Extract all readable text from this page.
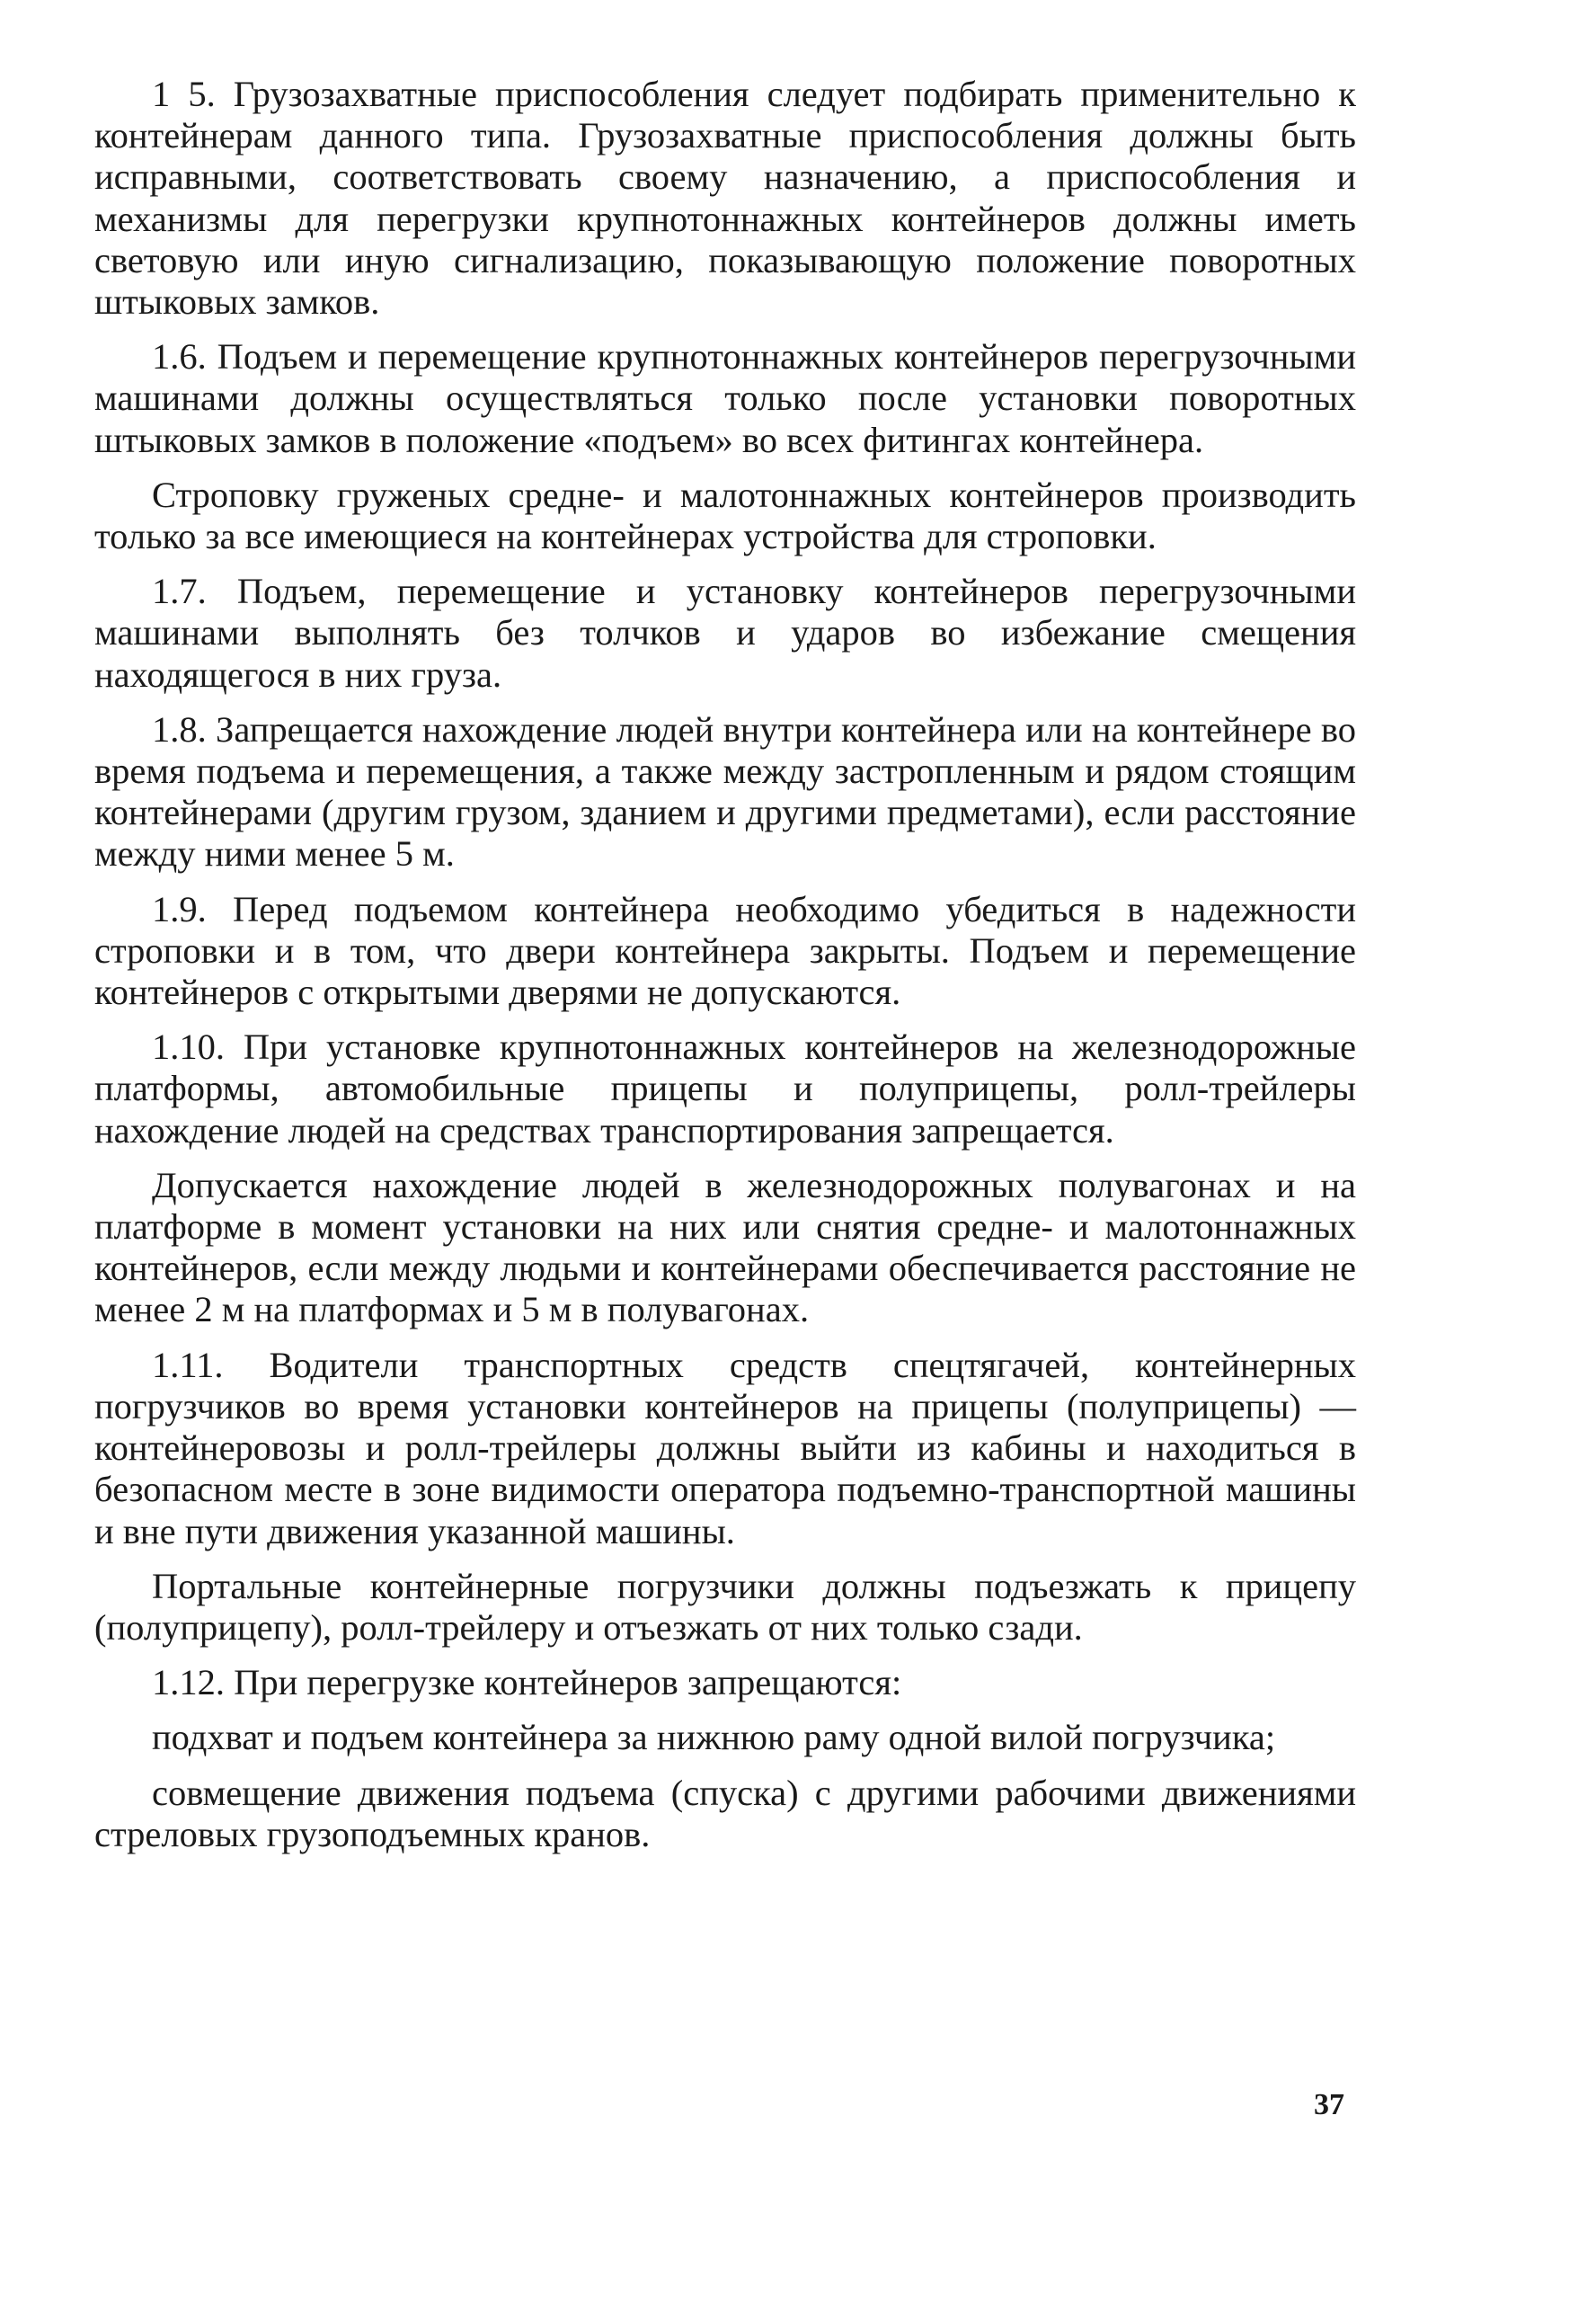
1 5. Грузозахватные приспособления следует подбирать применительно к контейнерам данного типа. Грузозахватные приспособления должны быть исправными, соответствовать своему назначению, а приспособления и механизмы для перегрузки крупнотоннажных контейнеров должны иметь световую или иную сигнализацию, показывающую положение поворотных штыковых замков.

1.6. Подъем и перемещение крупнотоннажных контейнеров перегрузочными машинами должны осуществляться только после установки поворотных штыковых замков в положение «подъем» во всех фитингах контейнера.

Строповку груженых средне- и малотоннажных контейнеров производить только за все имеющиеся на контейнерах устройства для строповки.

1.7. Подъем, перемещение и установку контейнеров перегрузочными машинами выполнять без толчков и ударов во избежание смещения находящегося в них груза.

1.8. Запрещается нахождение людей внутри контейнера или на контейнере во время подъема и перемещения, а также между застропленным и рядом стоящим контейнерами (другим грузом, зданием и другими предметами), если расстояние между ними менее 5 м.

1.9. Перед подъемом контейнера необходимо убедиться в надежности строповки и в том, что двери контейнера закрыты. Подъем и перемещение контейнеров с открытыми дверями не допускаются.

1.10. При установке крупнотоннажных контейнеров на железнодорожные платформы, автомобильные прицепы и полуприцепы, ролл-трейлеры нахождение людей на средствах транспортирования запрещается.

Допускается нахождение людей в железнодорожных полувагонах и на платформе в момент установки на них или снятия средне- и малотоннажных контейнеров, если между людьми и контейнерами обеспечивается расстояние не менее 2 м на платформах и 5 м в полувагонах.

1.11. Водители транспортных средств спецтягачей, контейнерных погрузчиков во время установки контейнеров на прицепы (полуприцепы) — контейнеровозы и ролл-трейлеры должны выйти из кабины и находиться в безопасном месте в зоне видимости оператора подъемно-транспортной машины и вне пути движения указанной машины.

Портальные контейнерные погрузчики должны подъезжать к прицепу (полуприцепу), ролл-трейлеру и отъезжать от них только сзади.

1.12. При перегрузке контейнеров запрещаются:

подхват и подъем контейнера за нижнюю раму одной вилой погрузчика;

совмещение движения подъема (спуска) с другими рабочими движениями стреловых грузоподъемных кранов.

37
